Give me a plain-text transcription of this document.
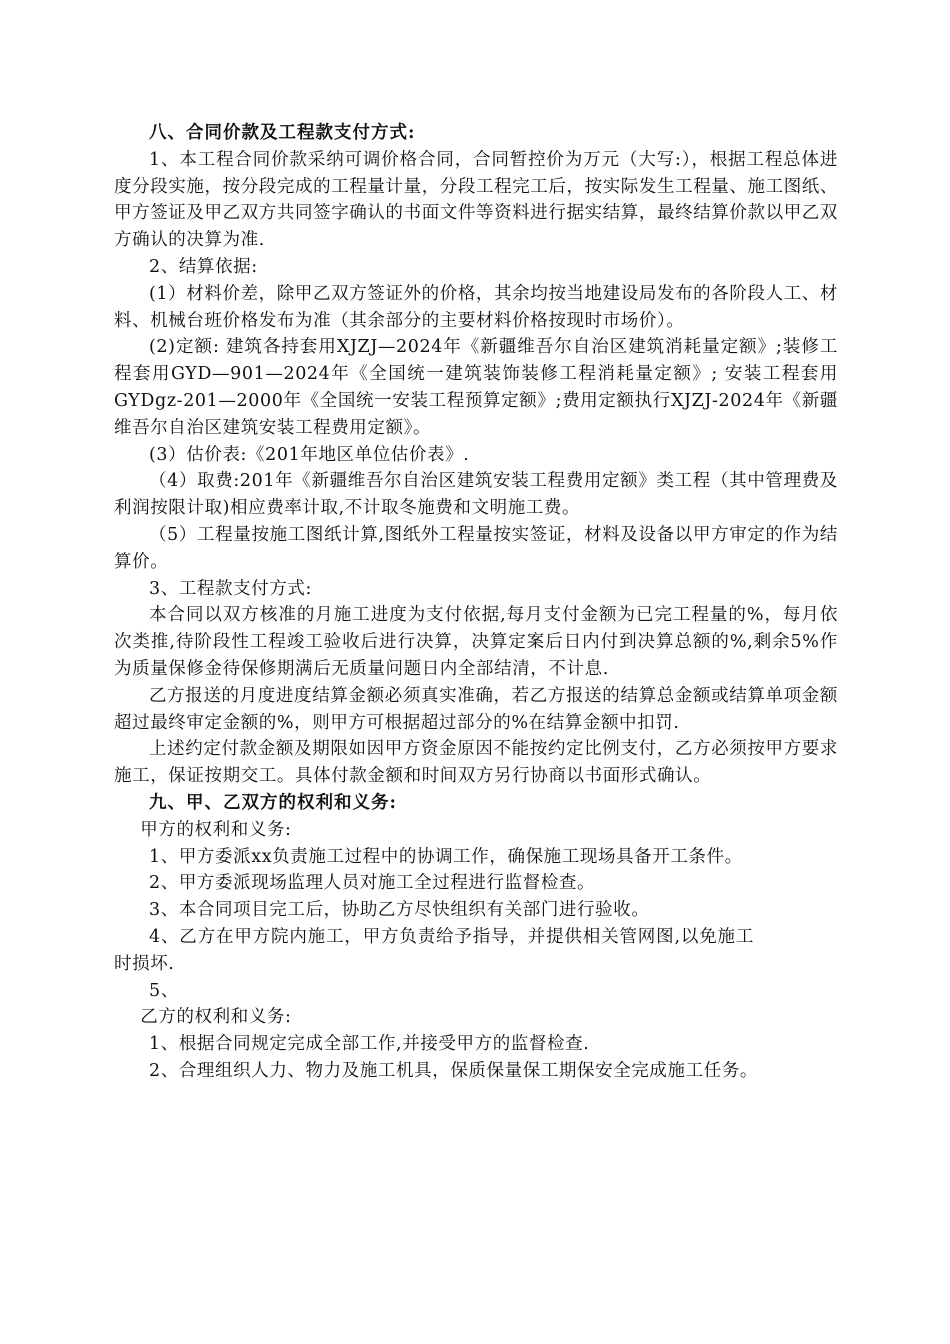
八、合同价款及工程款支付方式:

1、本工程合同价款采纳可调价格合同，合同暂控价为万元（大写:），根据工程总体进度分段实施，按分段完成的工程量计量，分段工程完工后，按实际发生工程量、施工图纸、甲方签证及甲乙双方共同签字确认的书面文件等资料进行据实结算，最终结算价款以甲乙双方确认的决算为准.

2、结算依据:

(1）材料价差，除甲乙双方签证外的价格，其余均按当地建设局发布的各阶段人工、材料、机械台班价格发布为准（其余部分的主要材料价格按现时市场价）。

(2)定额: 建筑各持套用XJZJ—2024年《新疆维吾尔自治区建筑消耗量定额》;装修工程套用GYD—901—2024年《全国统一建筑装饰装修工程消耗量定额》; 安装工程套用GYDgz-201—2000年《全国统一安装工程预算定额》;费用定额执行XJZJ-2024年《新疆维吾尔自治区建筑安装工程费用定额》。

(3）估价表:《201年地区单位估价表》.

（4）取费:201年《新疆维吾尔自治区建筑安装工程费用定额》类工程（其中管理费及利润按限计取)相应费率计取,不计取冬施费和文明施工费。

（5）工程量按施工图纸计算,图纸外工程量按实签证，材料及设备以甲方审定的作为结算价。

3、工程款支付方式:

本合同以双方核准的月施工进度为支付依据,每月支付金额为已完工程量的%，每月依次类推,待阶段性工程竣工验收后进行决算，决算定案后日内付到决算总额的%,剩余5%作为质量保修金待保修期满后无质量问题日内全部结清，不计息.

乙方报送的月度进度结算金额必须真实准确，若乙方报送的结算总金额或结算单项金额超过最终审定金额的%，则甲方可根据超过部分的%在结算金额中扣罚.

上述约定付款金额及期限如因甲方资金原因不能按约定比例支付，乙方必须按甲方要求施工，保证按期交工。具体付款金额和时间双方另行协商以书面形式确认。

九、甲、乙双方的权利和义务:

甲方的权利和义务:

1、甲方委派xx负责施工过程中的协调工作，确保施工现场具备开工条件。

2、甲方委派现场监理人员对施工全过程进行监督检查。

3、本合同项目完工后，协助乙方尽快组织有关部门进行验收。

4、乙方在甲方院内施工，甲方负责给予指导，并提供相关管网图,以免施工时损坏.

5、

乙方的权利和义务:

1、根据合同规定完成全部工作,并接受甲方的监督检查.

2、合理组织人力、物力及施工机具，保质保量保工期保安全完成施工任务。
